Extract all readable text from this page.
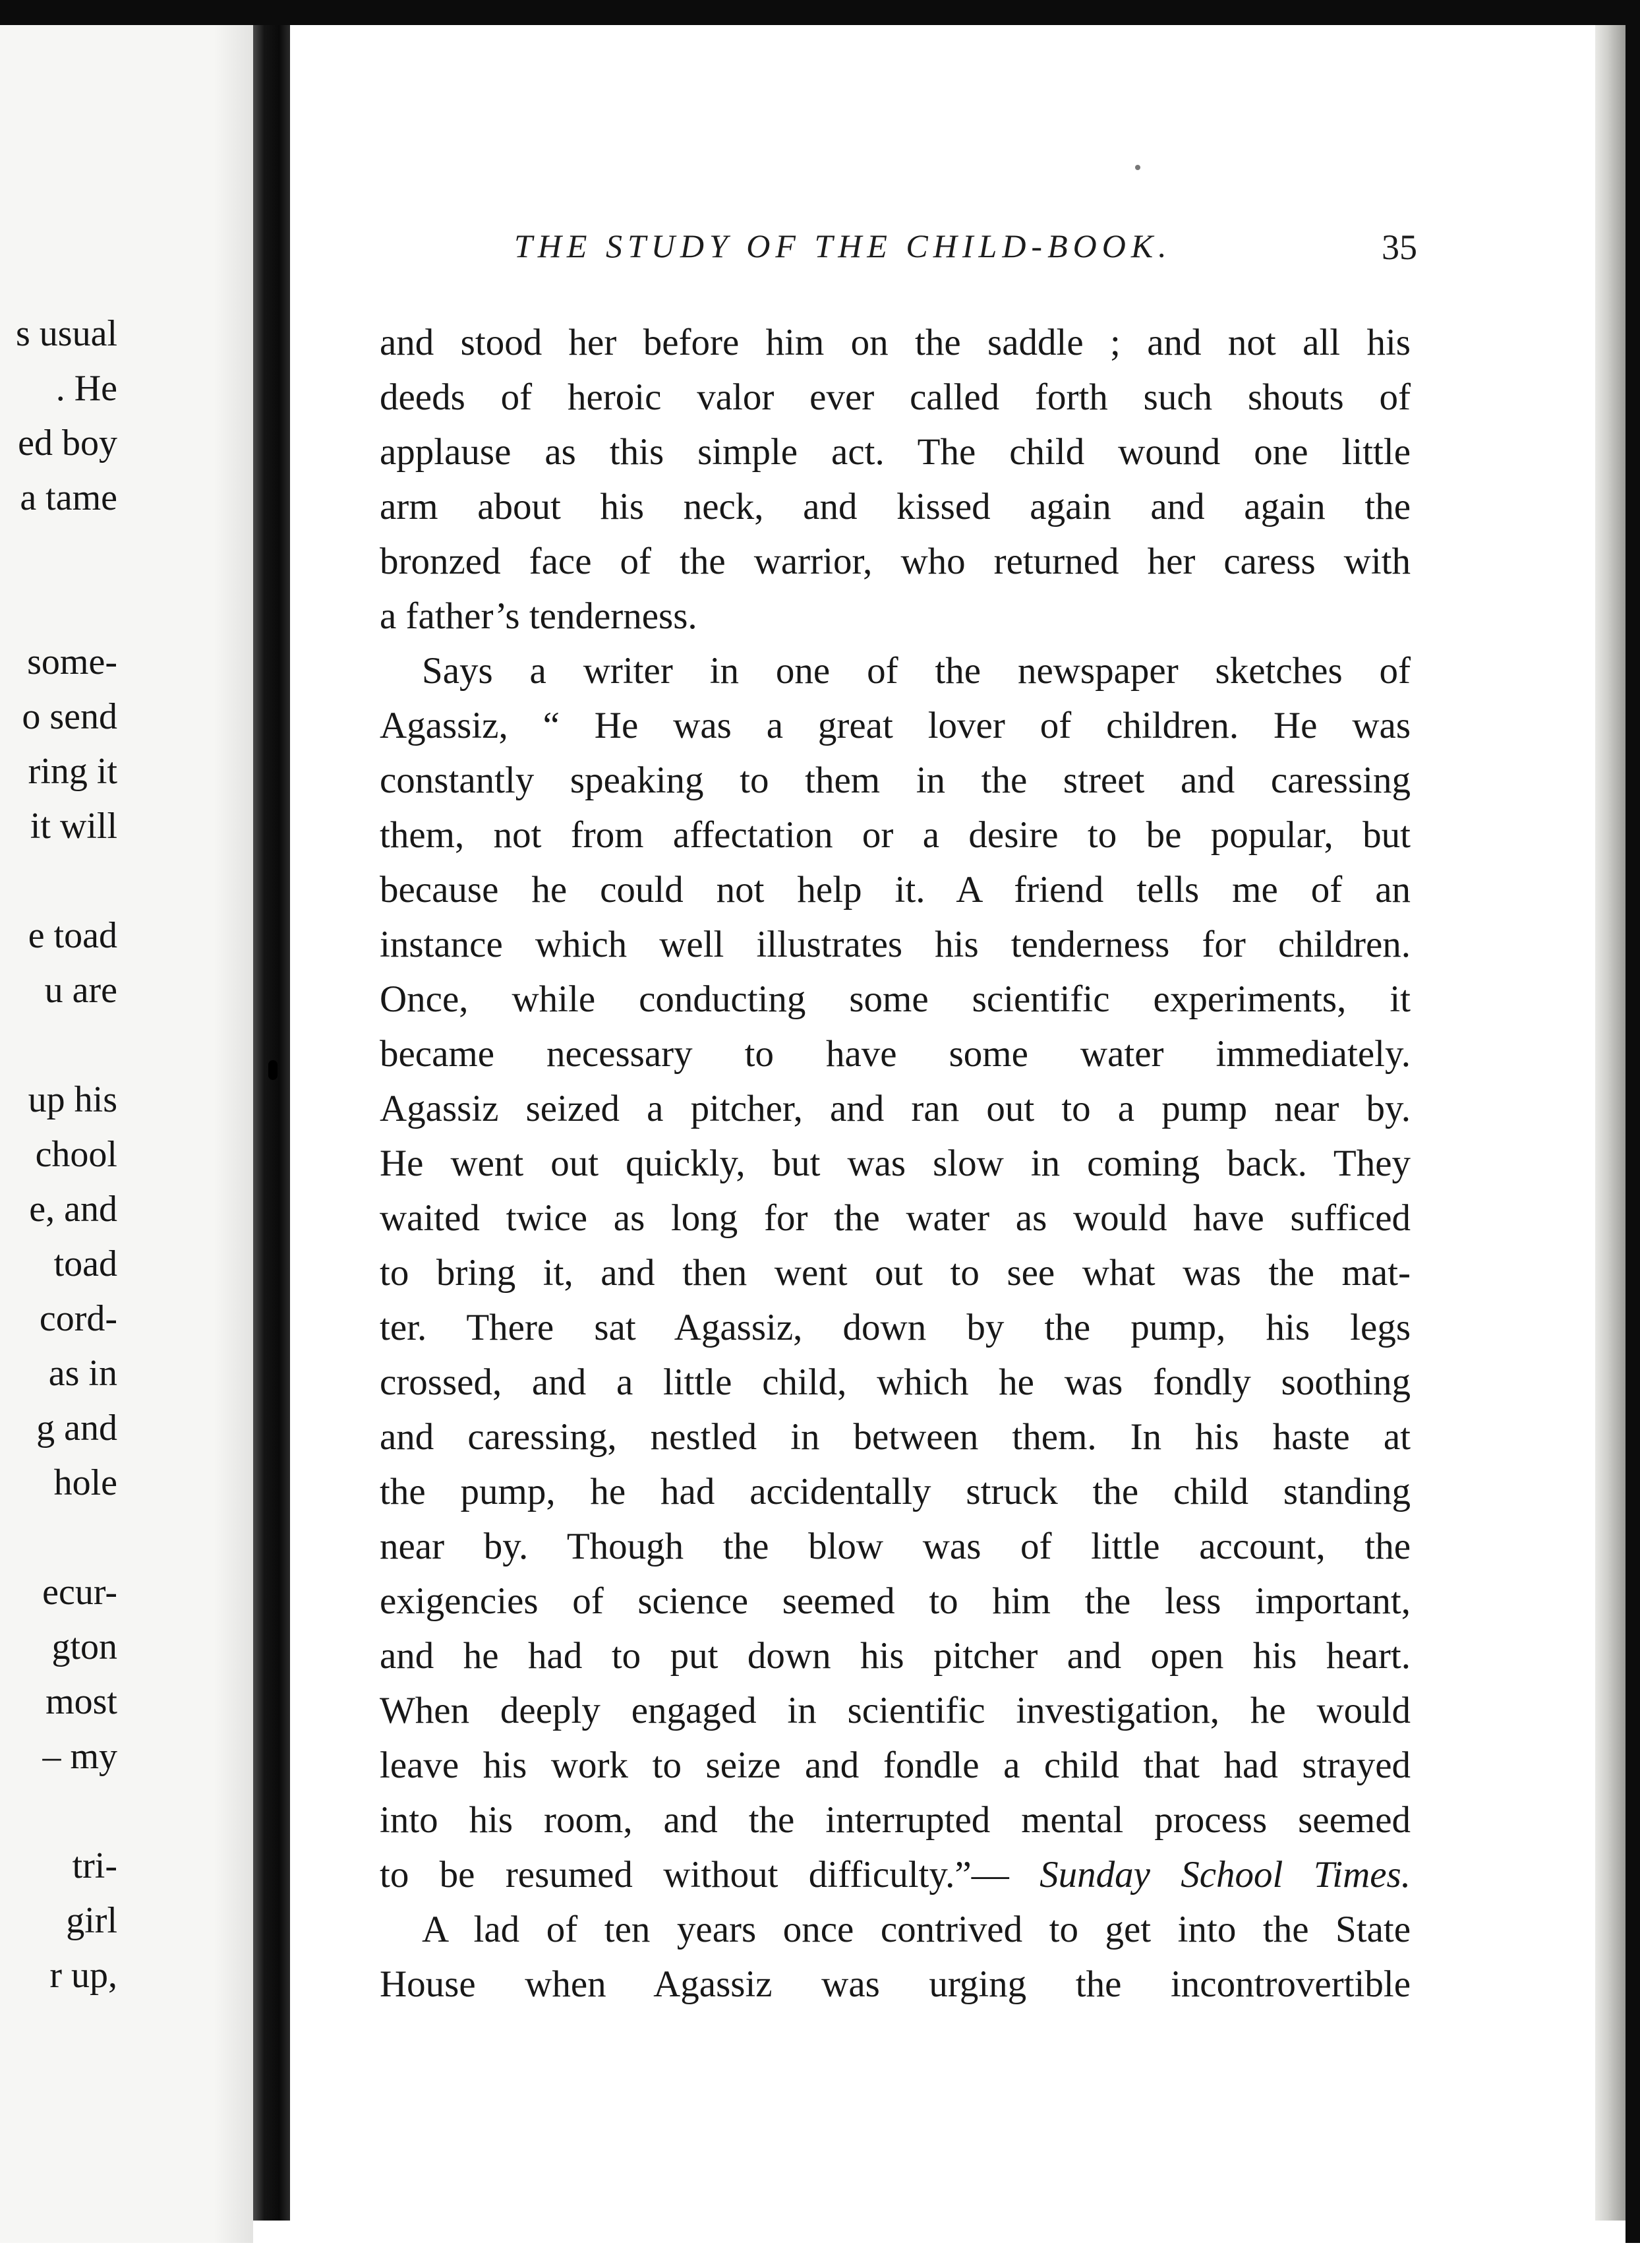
s usual
. He
ed boy
a tame
some-
o send
ring it
it will
e toad
u are
up his
chool
e, and
toad
cord-
as in
g and
hole
ecur-
gton
most
– my
tri-
girl
r up,
THE STUDY OF THE CHILD-BOOK.	35
and stood her before him on the saddle ; and not all his
deeds of heroic valor ever called forth such shouts of
applause as this simple act. The child wound one little
arm about his neck, and kissed again and again the
bronzed face of the warrior, who returned her caress with
a father’s tenderness.
Says a writer in one of the newspaper sketches of
Agassiz, “ He was a great lover of children. He was
constantly speaking to them in the street and caressing
them, not from affectation or a desire to be popular, but
because he could not help it. A friend tells me of an
instance which well illustrates his tenderness for children.
Once, while conducting some scientific experiments, it
became necessary to have some water immediately.
Agassiz seized a pitcher, and ran out to a pump near by.
He went out quickly, but was slow in coming back. They
waited twice as long for the water as would have sufficed
to bring it, and then went out to see what was the mat-
ter. There sat Agassiz, down by the pump, his legs
crossed, and a little child, which he was fondly soothing
and caressing, nestled in between them. In his haste at
the pump, he had accidentally struck the child standing
near by. Though the blow was of little account, the
exigencies of science seemed to him the less important,
and he had to put down his pitcher and open his heart.
When deeply engaged in scientific investigation, he would
leave his work to seize and fondle a child that had strayed
into his room, and the interrupted mental process seemed
to be resumed without difficulty.”— Sunday School Times.
A lad of ten years once contrived to get into the State
House when Agassiz was urging the incontrovertible
